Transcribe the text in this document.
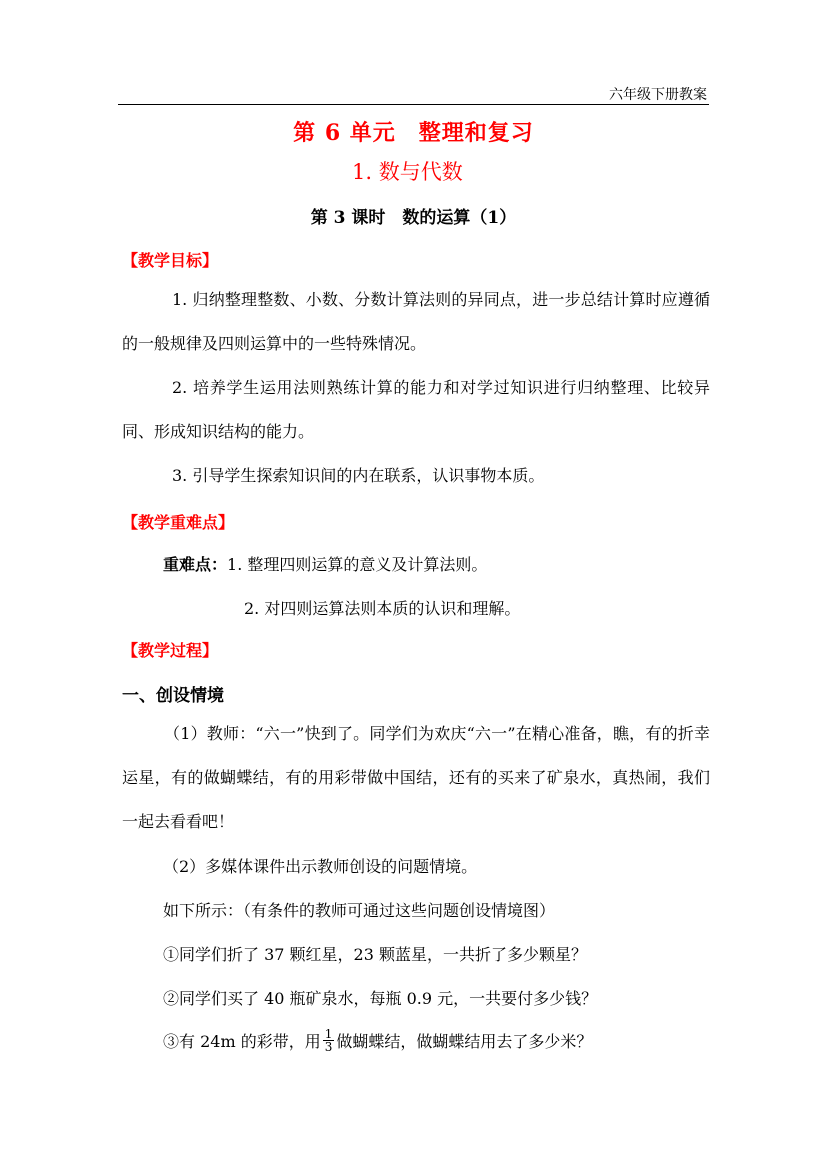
六年级下册教案
第 6 单元　整理和复习
1. 数与代数
第 3 课时　数的运算（1）
【教学目标】
1. 归纳整理整数、小数、分数计算法则的异同点，进一步总结计算时应遵循的一般规律及四则运算中的一些特殊情况。
2. 培养学生运用法则熟练计算的能力和对学过知识进行归纳整理、比较异同、形成知识结构的能力。
3. 引导学生探索知识间的内在联系，认识事物本质。
【教学重难点】
重难点：1. 整理四则运算的意义及计算法则。
2. 对四则运算法则本质的认识和理解。
【教学过程】
一、创设情境
（1）教师：“六一”快到了。同学们为欢庆“六一”在精心准备，瞧，有的折幸运星，有的做蝴蝶结，有的用彩带做中国结，还有的买来了矿泉水，真热闹，我们一起去看看吧！
（2）多媒体课件出示教师创设的问题情境。
如下所示：（有条件的教师可通过这些问题创设情境图）
①同学们折了 37 颗红星，23 颗蓝星，一共折了多少颗星？
②同学们买了 40 瓶矿泉水，每瓶 0.9 元，一共要付多少钱？
③有 24m 的彩带，用 $\frac{1}{3}$ 做蝴蝶结，做蝴蝶结用去了多少米？
